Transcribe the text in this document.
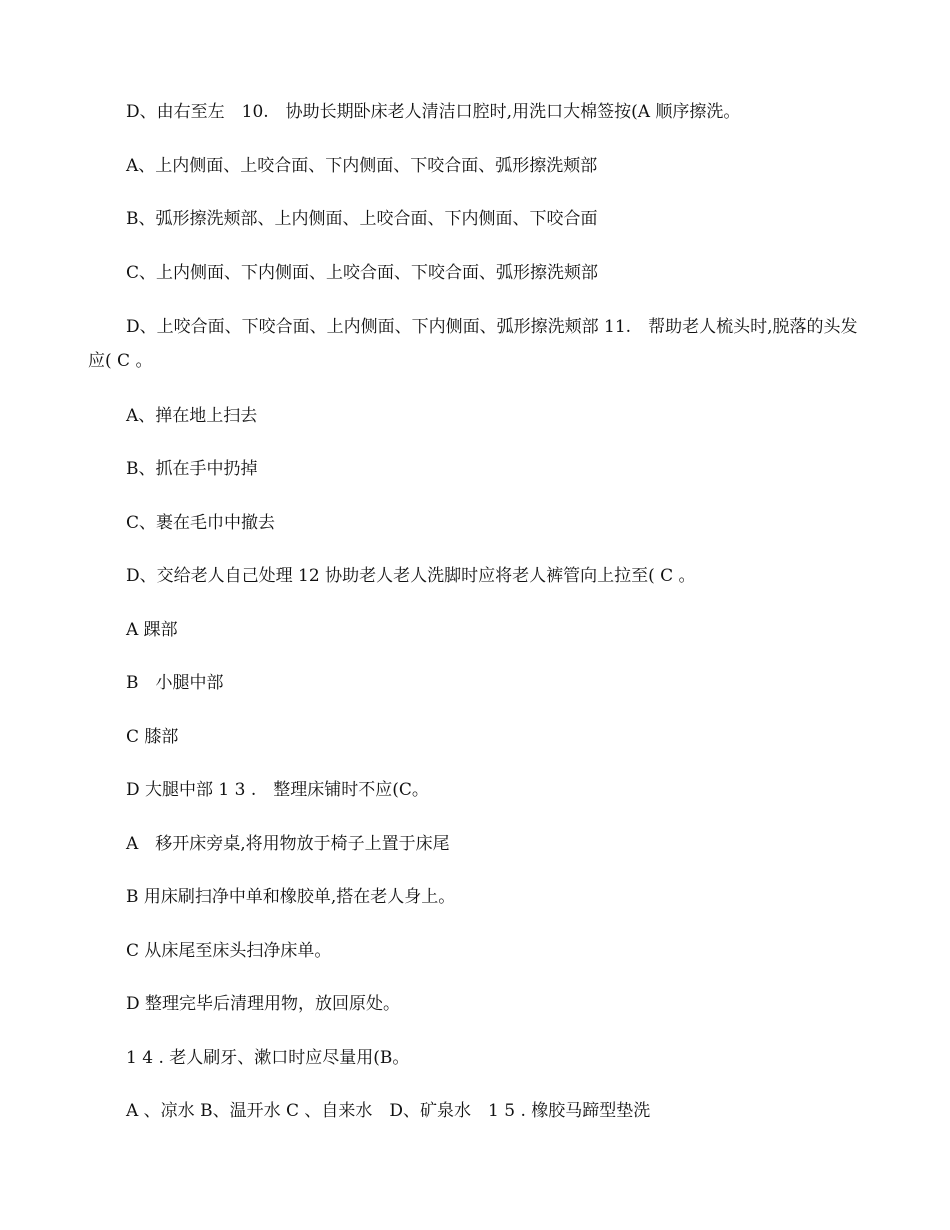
D、由右至左　10.　协助长期卧床老人清洁口腔时,用洗口大棉签按(A 顺序擦洗。
A、上内侧面、上咬合面、下内侧面、下咬合面、弧形擦洗颊部
B、弧形擦洗颊部、上内侧面、上咬合面、下内侧面、下咬合面
C、上内侧面、下内侧面、上咬合面、下咬合面、弧形擦洗颊部
D、上咬合面、下咬合面、上内侧面、下内侧面、弧形擦洗颊部 11.　帮助老人梳头时,脱落的头发应( C 。
A、掸在地上扫去
B、抓在手中扔掉
C、裹在毛巾中撤去
D、交给老人自己处理 12 协助老人老人洗脚时应将老人裤管向上拉至( C 。
A 踝部
B　小腿中部
C 膝部
D 大腿中部 1 3 .　整理床铺时不应(C。
A　移开床旁桌,将用物放于椅子上置于床尾
B 用床刷扫净中单和橡胶单,搭在老人身上。
C 从床尾至床头扫净床单。
D 整理完毕后清理用物，放回原处。
1 4 . 老人刷牙、漱口时应尽量用(B。
A 、凉水 B、温开水 C 、自来水　D、矿泉水　1 5 . 橡胶马蹄型垫洗
